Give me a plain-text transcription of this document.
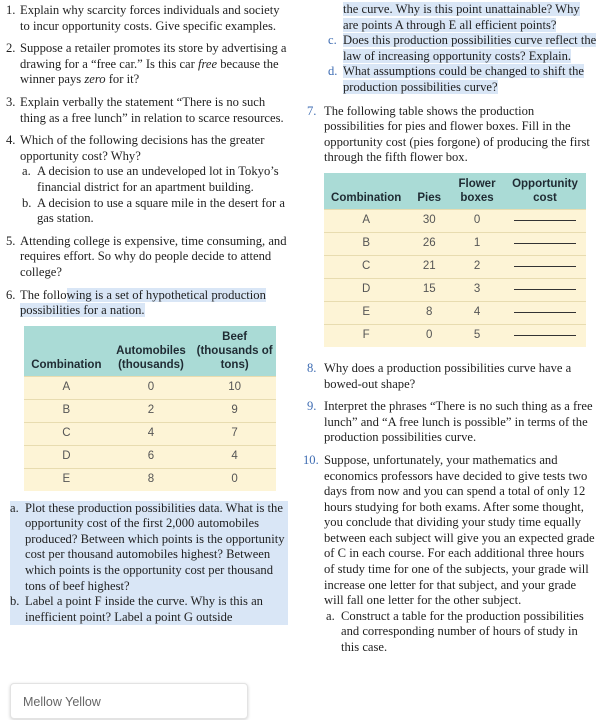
1. Explain why scarcity forces individuals and society to incur opportunity costs. Give specific examples.
2. Suppose a retailer promotes its store by advertising a drawing for a “free car.” Is this car free because the winner pays zero for it?
3. Explain verbally the statement “There is no such thing as a free lunch” in relation to scarce resources.
4. Which of the following decisions has the greater opportunity cost? Why?
a. A decision to use an undeveloped lot in Tokyo’s financial district for an apartment building.
b. A decision to use a square mile in the desert for a gas station.
5. Attending college is expensive, time consuming, and requires effort. So why do people decide to attend college?
6. The following is a set of hypothetical production possibilities for a nation.
Combination	Automobiles (thousands)	Beef (thousands of tons)
A	0	10
B	2	9
C	4	7
D	6	4
E	8	0
a. Plot these production possibilities data. What is the opportunity cost of the first 2,000 automobiles produced? Between which points is the opportunity cost per thousand automobiles highest? Between which points is the opportunity cost per thousand tons of beef highest?
b. Label a point F inside the curve. Why is this an inefficient point? Label a point G outside
the curve. Why is this point unattainable? Why are points A through E all efficient points?
c. Does this production possibilities curve reflect the law of increasing opportunity costs? Explain.
d. What assumptions could be changed to shift the production possibilities curve?
7. The following table shows the production possibilities for pies and flower boxes. Fill in the opportunity cost (pies forgone) of producing the first through the fifth flower box.
Combination	Pies	Flower boxes	Opportunity cost
A	30	0	
B	26	1	
C	21	2	
D	15	3	
E	8	4	
F	0	5	
8. Why does a production possibilities curve have a bowed-out shape?
9. Interpret the phrases “There is no such thing as a free lunch” and “A free lunch is possible” in terms of the production possibilities curve.
10. Suppose, unfortunately, your mathematics and economics professors have decided to give tests two days from now and you can spend a total of only 12 hours studying for both exams. After some thought, you conclude that dividing your study time equally between each subject will give you an expected grade of C in each course. For each additional three hours of study time for one of the subjects, your grade will increase one letter for that subject, and your grade will fall one letter for the other subject.
a. Construct a table for the production possibilities and corresponding number of hours of study in this case.
Mellow Yellow
